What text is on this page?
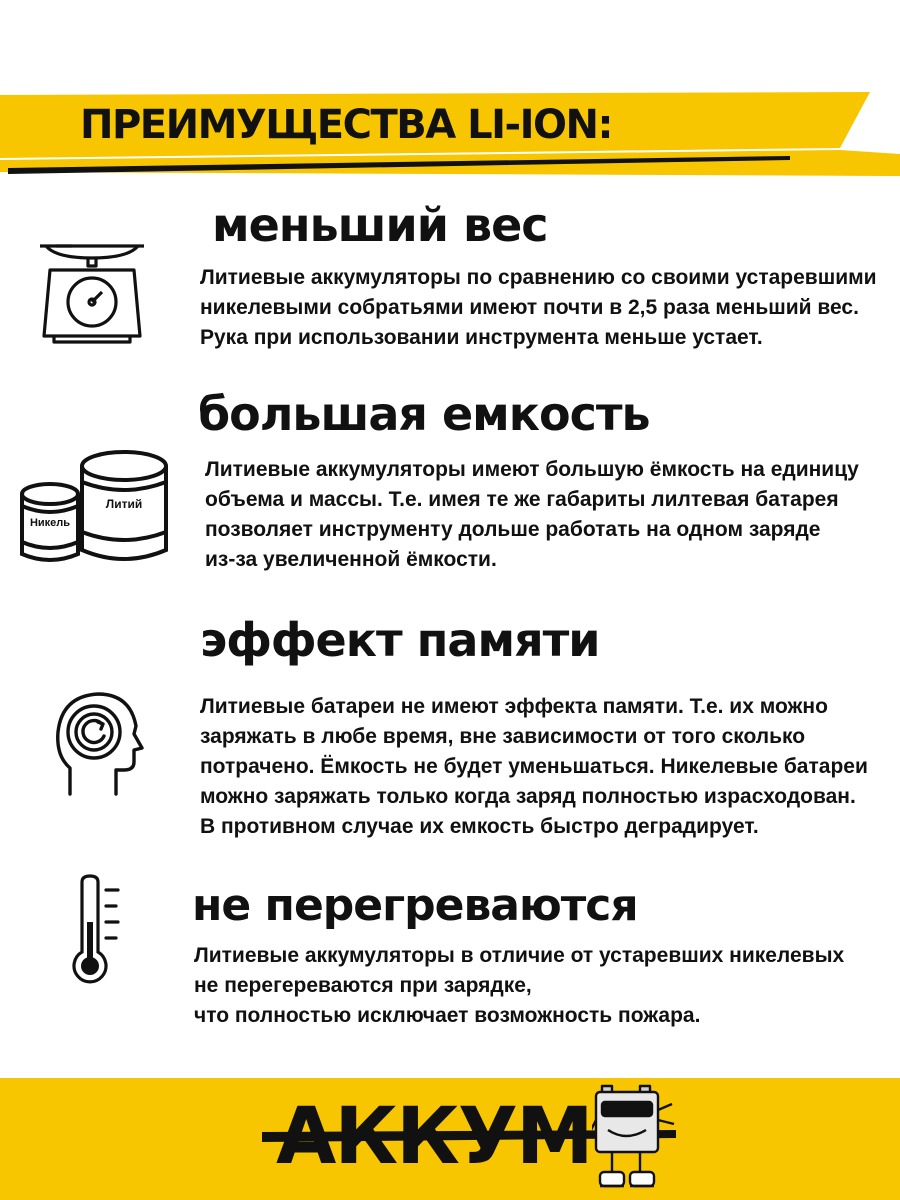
ПРЕИМУЩЕСТВА LI-ION:
меньший вес

Литиевые аккумуляторы по сравнению со своими устаревшими
никелевыми собратьями имеют почти в 2,5 раза меньший вес.
Рука при использовании инструмента меньше устает.

Литий
Никель
большая емкость

Литиевые аккумуляторы имеют большую ёмкость на единицу
объема и массы. Т.е. имея те же габариты лилтевая батарея
позволяет инструменту дольше работать на одном заряде
из-за увеличенной ёмкости.

эффект памяти

Литиевые батареи не имеют эффекта памяти. Т.е. их можно
заряжать в любе время, вне зависимости от того сколько
потрачено. Ёмкость не будет уменьшаться. Никелевые батареи
можно заряжать только когда заряд полностью израсходован.
В противном случае их емкость быстро деградирует.

не перегреваются

Литиевые аккумуляторы в отличие от устаревших никелевых
не перегереваются при зарядке,
что полностью исключает возможность пожара.

АККУМ
